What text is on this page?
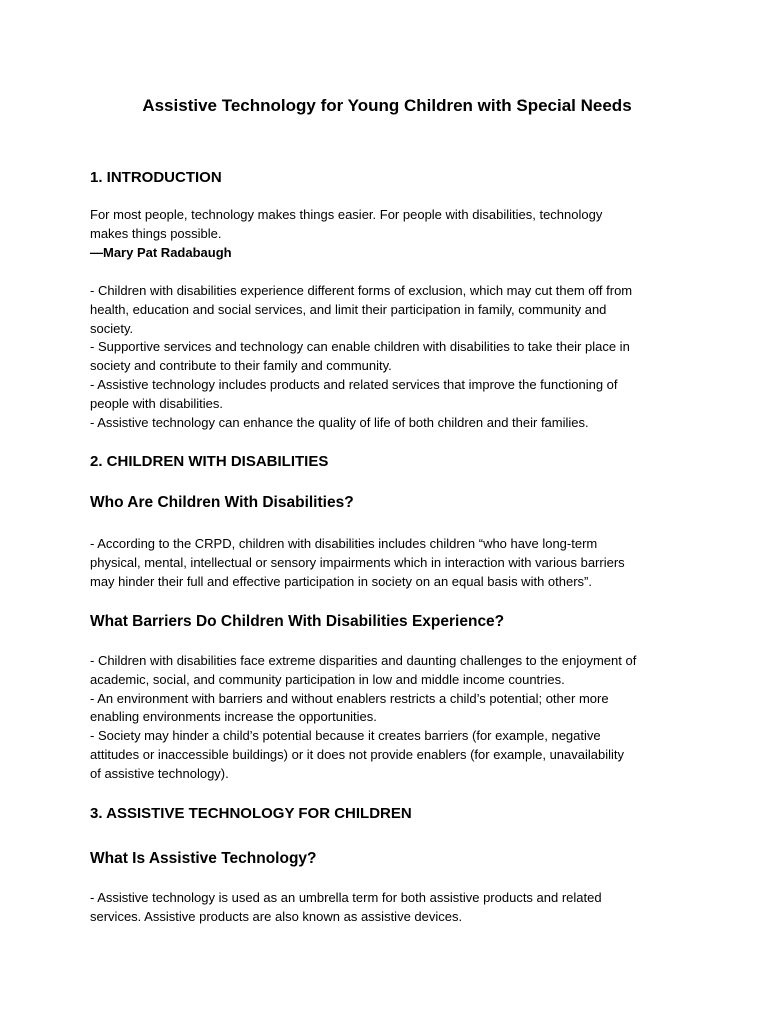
Assistive Technology for Young Children with Special Needs
1. INTRODUCTION

For most people, technology makes things easier. For people with disabilities, technology
makes things possible.
—Mary Pat Radabaugh

- Children with disabilities experience different forms of exclusion, which may cut them off from
health, education and social services, and limit their participation in family, community and
society.
- Supportive services and technology can enable children with disabilities to take their place in
society and contribute to their family and community.
- Assistive technology includes products and related services that improve the functioning of
people with disabilities.
- Assistive technology can enhance the quality of life of both children and their families.

2. CHILDREN WITH DISABILITIES
Who Are Children With Disabilities?

- According to the CRPD, children with disabilities includes children “who have long-term
physical, mental, intellectual or sensory impairments which in interaction with various barriers
may hinder their full and effective participation in society on an equal basis with others”.

What Barriers Do Children With Disabilities Experience?

- Children with disabilities face extreme disparities and daunting challenges to the enjoyment of
academic, social, and community participation in low and middle income countries.
- An environment with barriers and without enablers restricts a child’s potential; other more
enabling environments increase the opportunities.
- Society may hinder a child’s potential because it creates barriers (for example, negative
attitudes or inaccessible buildings) or it does not provide enablers (for example, unavailability
of assistive technology).

3. ASSISTIVE TECHNOLOGY FOR CHILDREN
What Is Assistive Technology?

- Assistive technology is used as an umbrella term for both assistive products and related
services. Assistive products are also known as assistive devices.
